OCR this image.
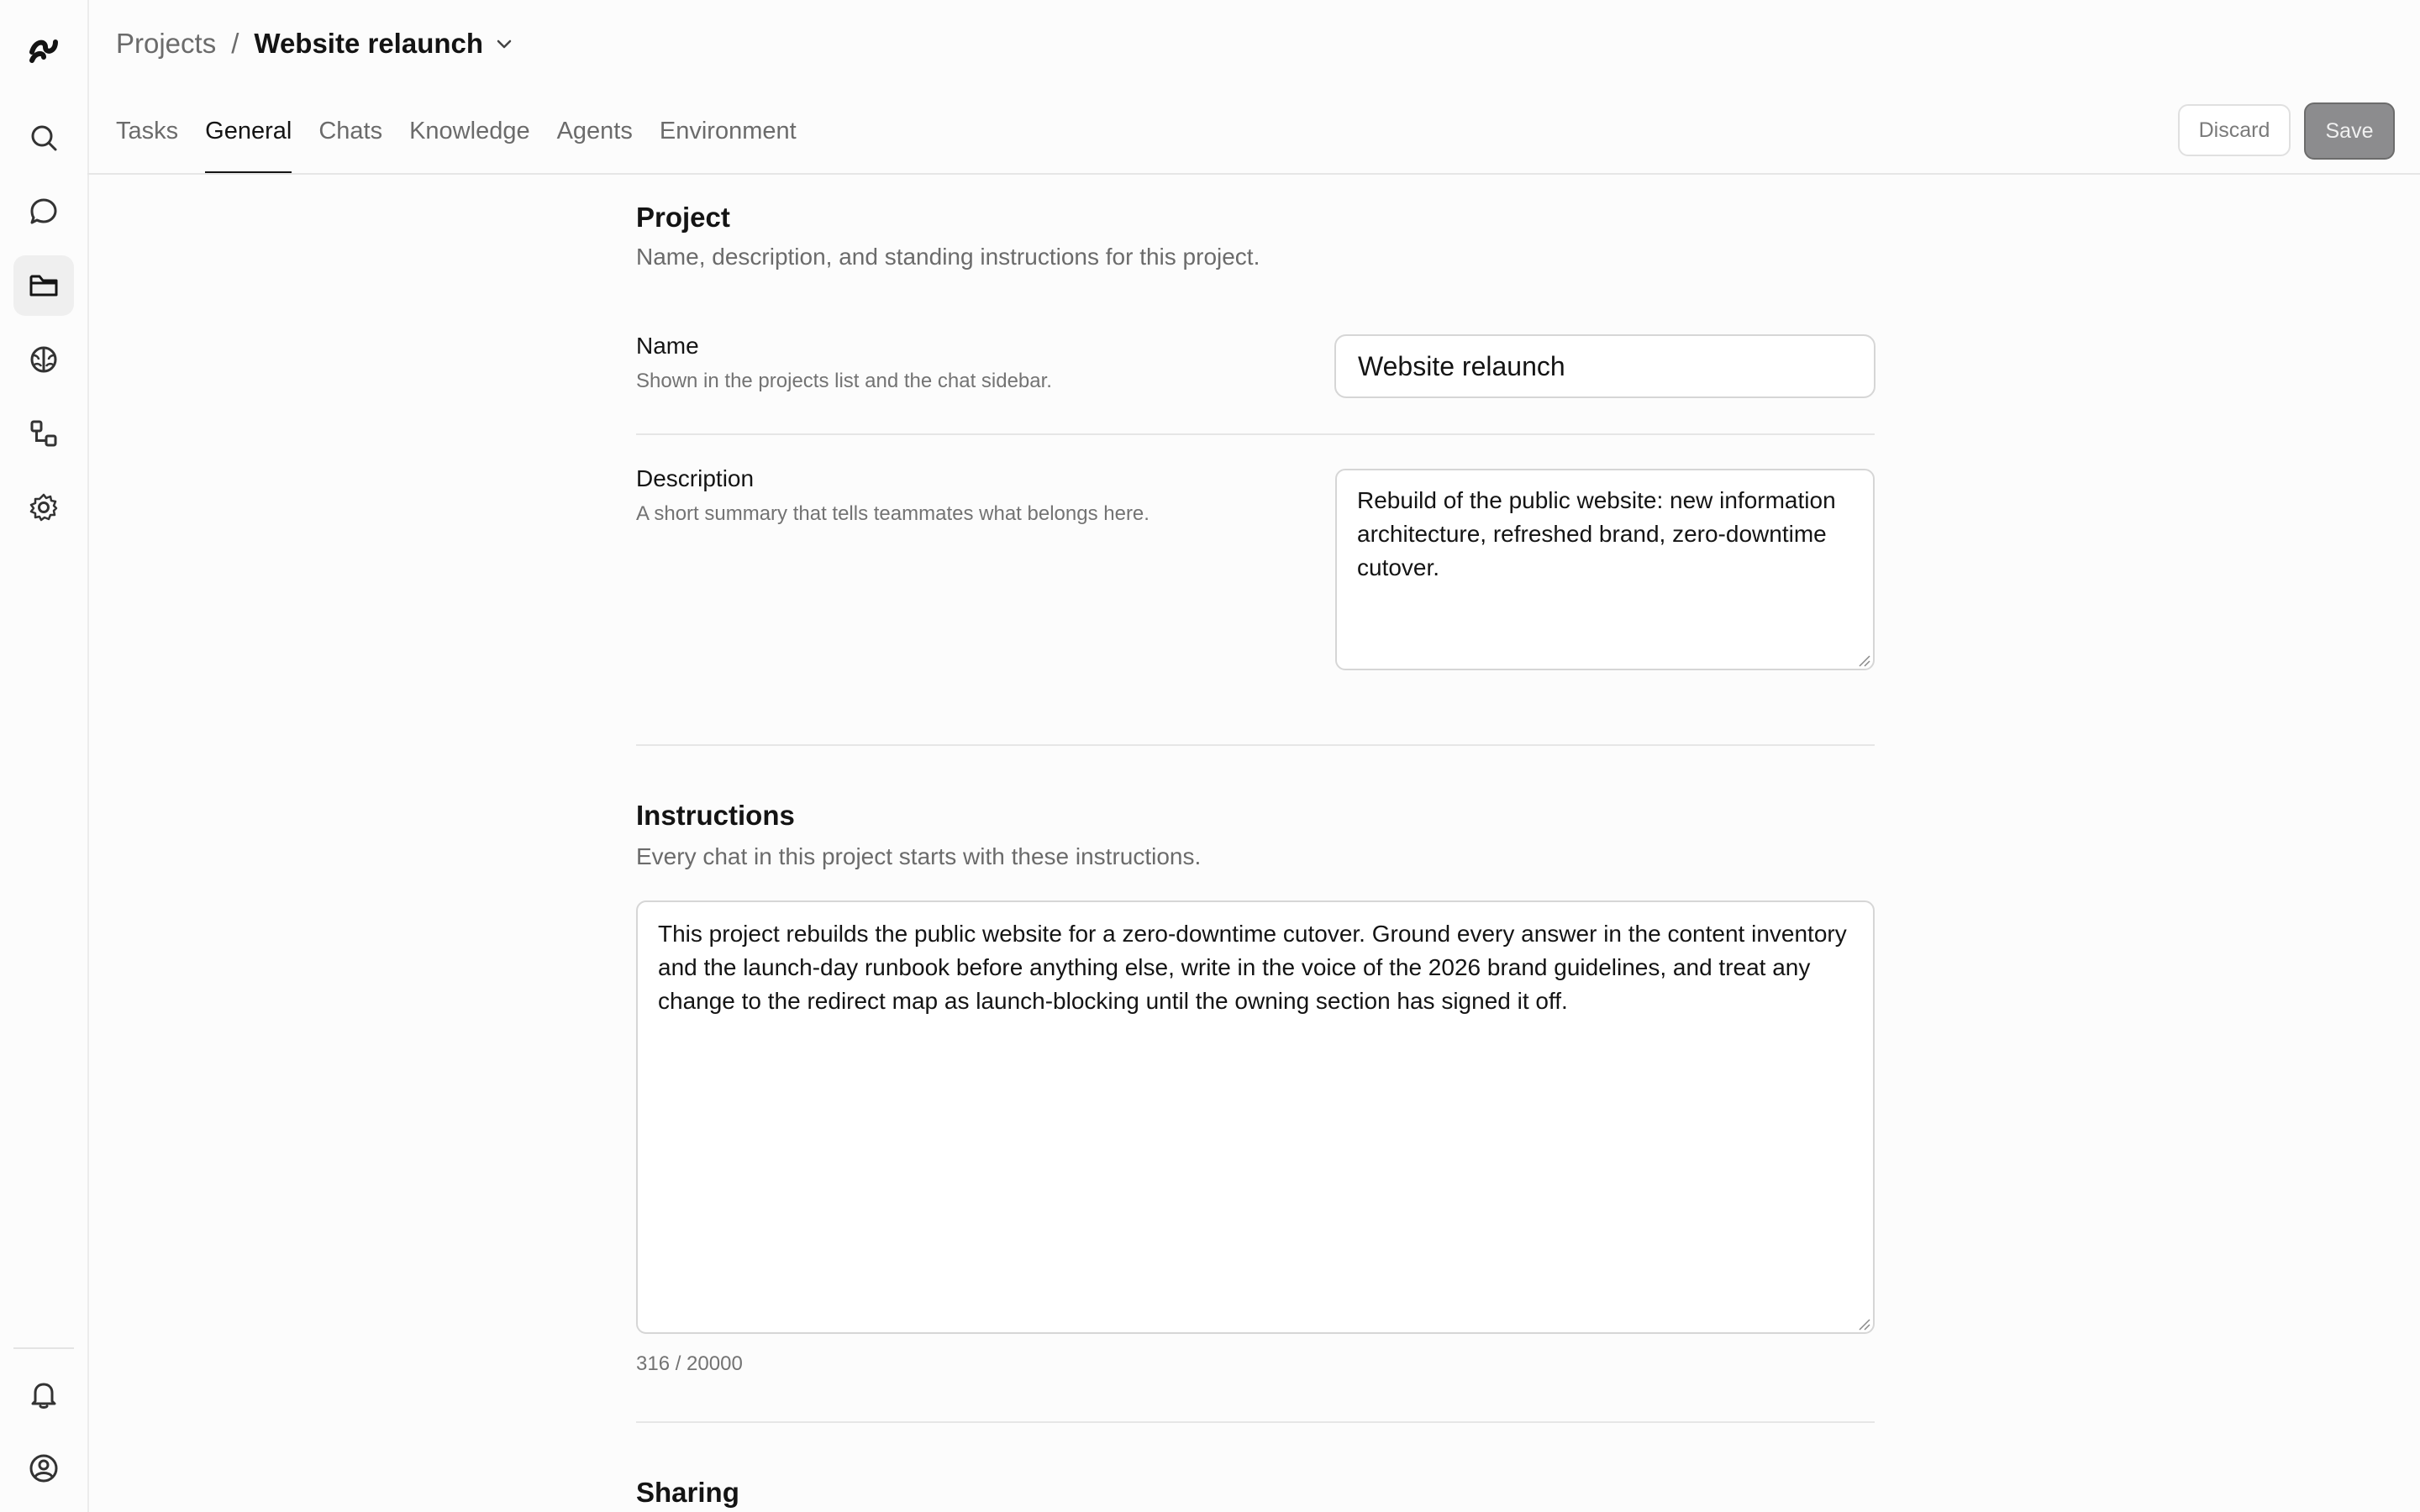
Projects / Website relaunch
Tasks General Chats Knowledge Agents Environment	Discard	Save
Project
Name, description, and standing instructions for this project.
Name
Shown in the projects list and the chat sidebar.
Website relaunch
Description
A short summary that tells teammates what belongs here.
Rebuild of the public website: new information architecture, refreshed brand, zero-downtime cutover.
Instructions
Every chat in this project starts with these instructions.
This project rebuilds the public website for a zero-downtime cutover. Ground every answer in the content inventory and the launch-day runbook before anything else, write in the voice of the 2026 brand guidelines, and treat any change to the redirect map as launch-blocking until the owning section has signed it off.
316 / 20000
Sharing
